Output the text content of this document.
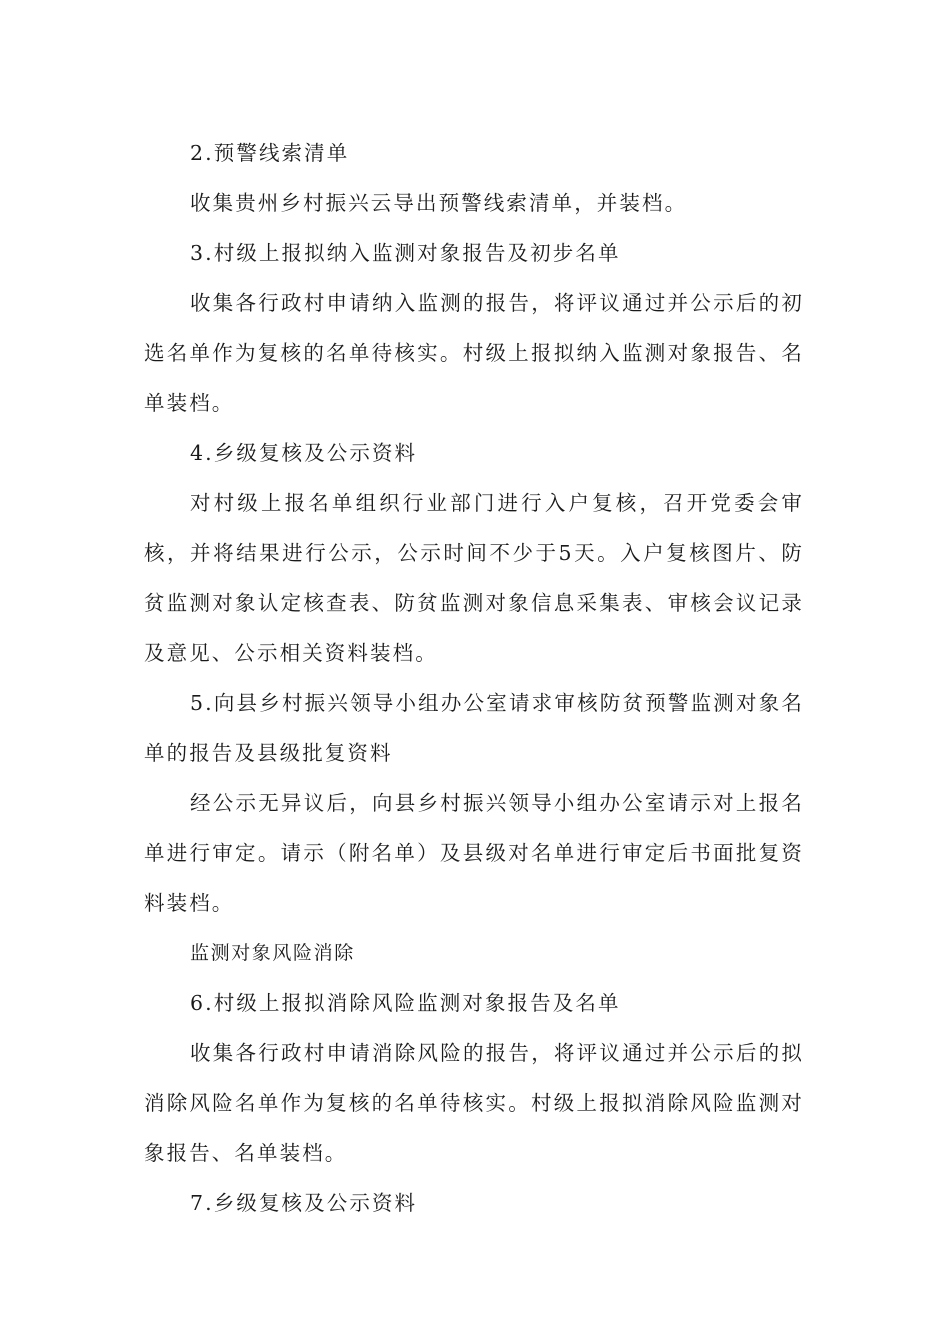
2.预警线索清单

收集贵州乡村振兴云导出预警线索清单，并装档。

3.村级上报拟纳入监测对象报告及初步名单

收集各行政村申请纳入监测的报告，将评议通过并公示后的初选名单作为复核的名单待核实。村级上报拟纳入监测对象报告、名单装档。

4.乡级复核及公示资料

对村级上报名单组织行业部门进行入户复核，召开党委会审核，并将结果进行公示，公示时间不少于5天。入户复核图片、防贫监测对象认定核查表、防贫监测对象信息采集表、审核会议记录及意见、公示相关资料装档。

5.向县乡村振兴领导小组办公室请求审核防贫预警监测对象名单的报告及县级批复资料

经公示无异议后，向县乡村振兴领导小组办公室请示对上报名单进行审定。请示（附名单）及县级对名单进行审定后书面批复资料装档。

监测对象风险消除

6.村级上报拟消除风险监测对象报告及名单

收集各行政村申请消除风险的报告，将评议通过并公示后的拟消除风险名单作为复核的名单待核实。村级上报拟消除风险监测对象报告、名单装档。

7.乡级复核及公示资料
